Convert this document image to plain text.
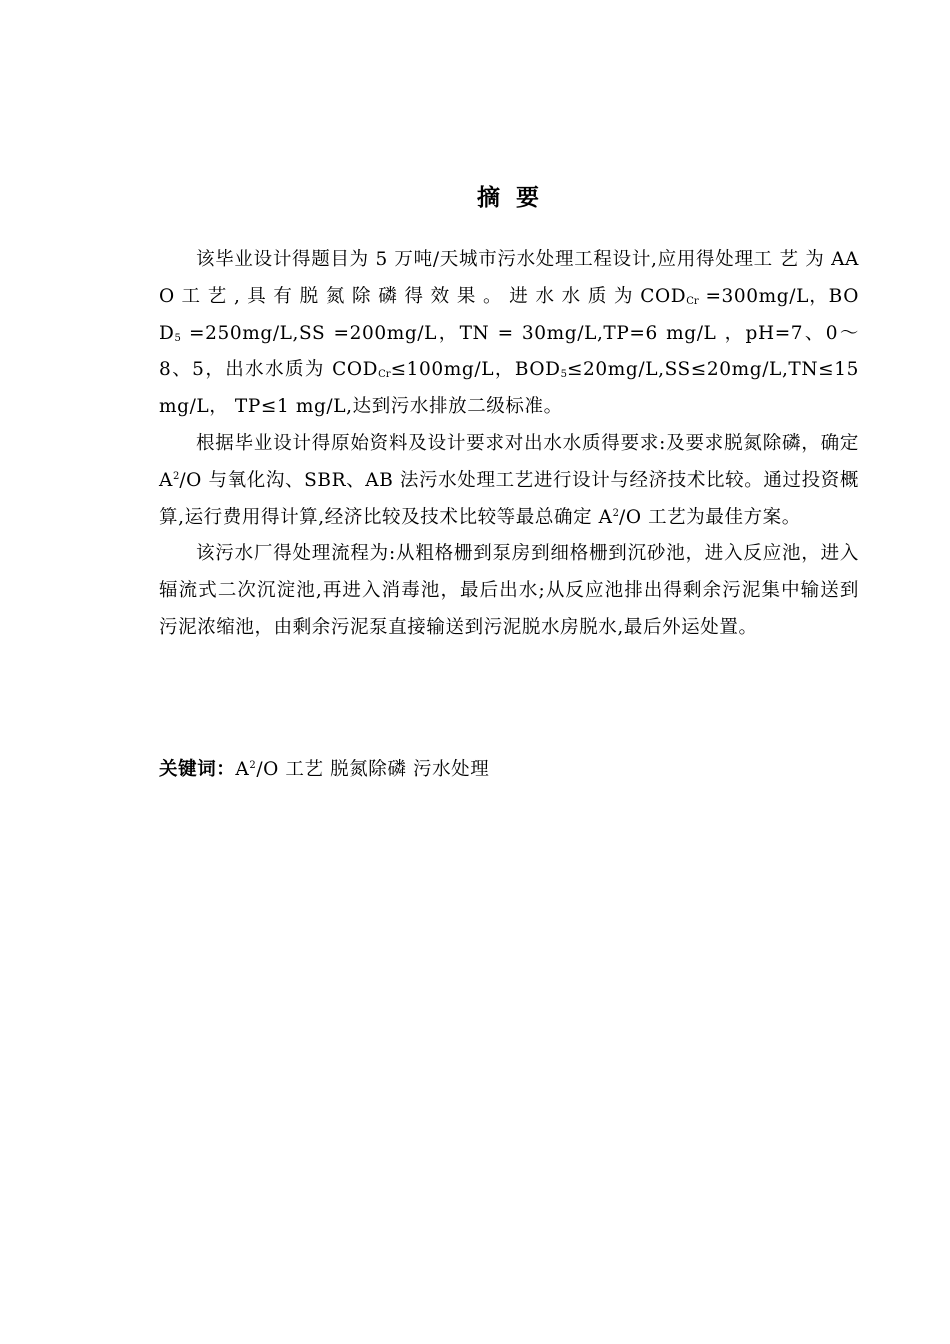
摘 要

该毕业设计得题目为 5 万吨/天城市污水处理工程设计,应用得处理工 艺 为 AAO 工 艺 , 具 有 脱 氮 除 磷 得 效 果 。 进 水 水 质 为 $COD_{Cr} =300mg/L$，$BOD_5 =250mg/L,SS =200mg/L$，TN = 30mg/L,TP=6 mg/L ，pH=7、0～8、5，出水水质为 $COD_{Cr}\le 100mg/L$，$BOD_5\le 20mg/L,SS\le 20mg/L,TN\le 15mg/L$， TP≤1 mg/L,达到污水排放二级标准。

根据毕业设计得原始资料及设计要求对出水水质得要求:及要求脱氮除磷，确定 $A^2/O$ 与氧化沟、SBR、AB 法污水处理工艺进行设计与经济技术比较。通过投资概算,运行费用得计算,经济比较及技术比较等最总确定 $A^2/O$ 工艺为最佳方案。

该污水厂得处理流程为:从粗格栅到泵房到细格栅到沉砂池，进入反应池，进入辐流式二次沉淀池,再进入消毒池，最后出水;从反应池排出得剩余污泥集中输送到污泥浓缩池，由剩余污泥泵直接输送到污泥脱水房脱水,最后外运处置。

关键词：$A^2/O$ 工艺 脱氮除磷 污水处理
